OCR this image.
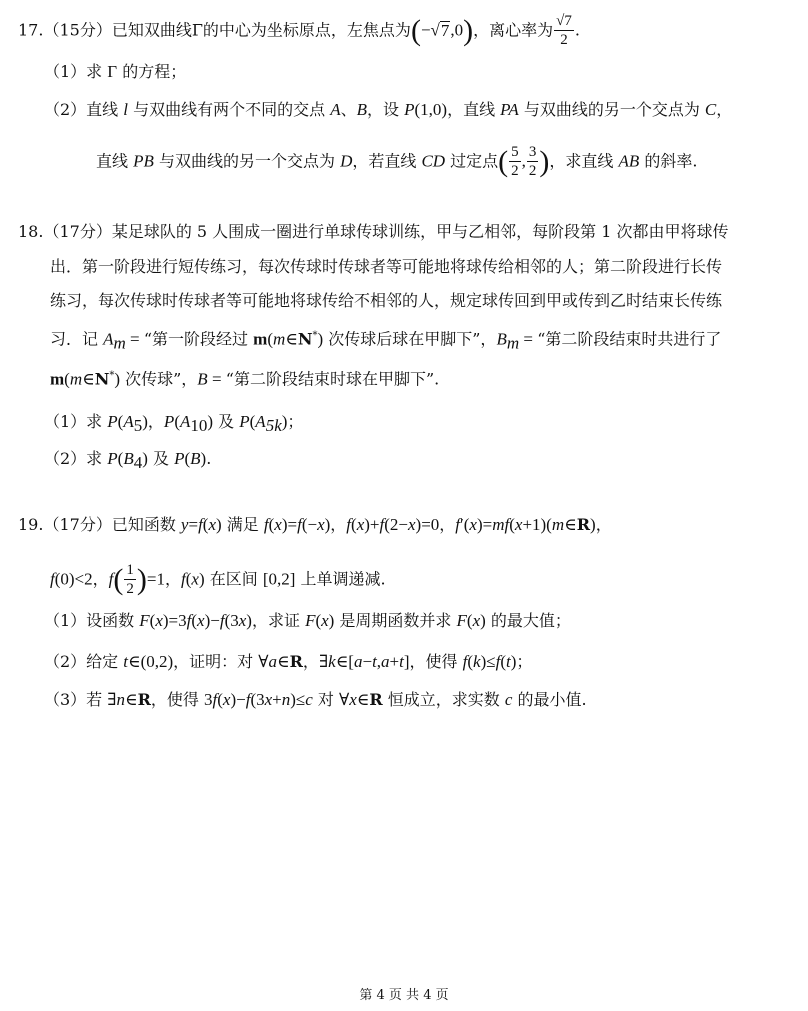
17.（15分）已知双曲线Γ的中心为坐标原点，左焦点为(−√7,0)，离心率为 $\frac{√7}{2}$ .
（1）求 Γ 的方程；
（2）直线 l 与双曲线有两个不同的交点 A、B，设 P(1,0)，直线 PA 与双曲线的另一个交点为 C，
直线 PB 与双曲线的另一个交点为 D，若直线 CD 过定点( $\frac{5}{2}$ , $\frac{3}{2}$ )，求直线 AB 的斜率.
18.（17分）某足球队的 5 人围成一圈进行单球传球训练，甲与乙相邻，每阶段第 1 次都由甲将球传
出．第一阶段进行短传练习，每次传球时传球者等可能地将球传给相邻的人；第二阶段进行长传
练习，每次传球时传球者等可能地将球传给不相邻的人，规定球传回到甲或传到乙时结束长传练
习．记 $A_m$ = “第一阶段经过 m(m∈N*) 次传球后球在甲脚下”，$B_m$ = “第二阶段结束时共进行了
m(m∈N*) 次传球”，B = “第二阶段结束时球在甲脚下”.
（1）求 $P(A_5)$，$P(A_{10})$ 及 $P(A_{5k})$；
（2）求 $P(B_4)$ 及 P(B).
19.（17分）已知函数 y=f(x) 满足 f(x)=f(−x)，f(x)+f(2−x)=0，f′(x)=mf(x+1)(m∈R)，
f(0)<2，$f( \frac{1}{2} )=1$，f(x) 在区间 [0,2] 上单调递减.
（1）设函数 F(x)=3f(x)−f(3x)，求证 F(x) 是周期函数并求 F(x) 的最大值；
（2）给定 t∈(0,2)，证明：对 ∀a∈R，∃k∈[a−t,a+t]，使得 f(k)≤f(t)；
（3）若 ∃n∈R，使得 3f(x)−f(3x+n)≤c 对 ∀x∈R 恒成立，求实数 c 的最小值.
第 4 页 共 4 页
